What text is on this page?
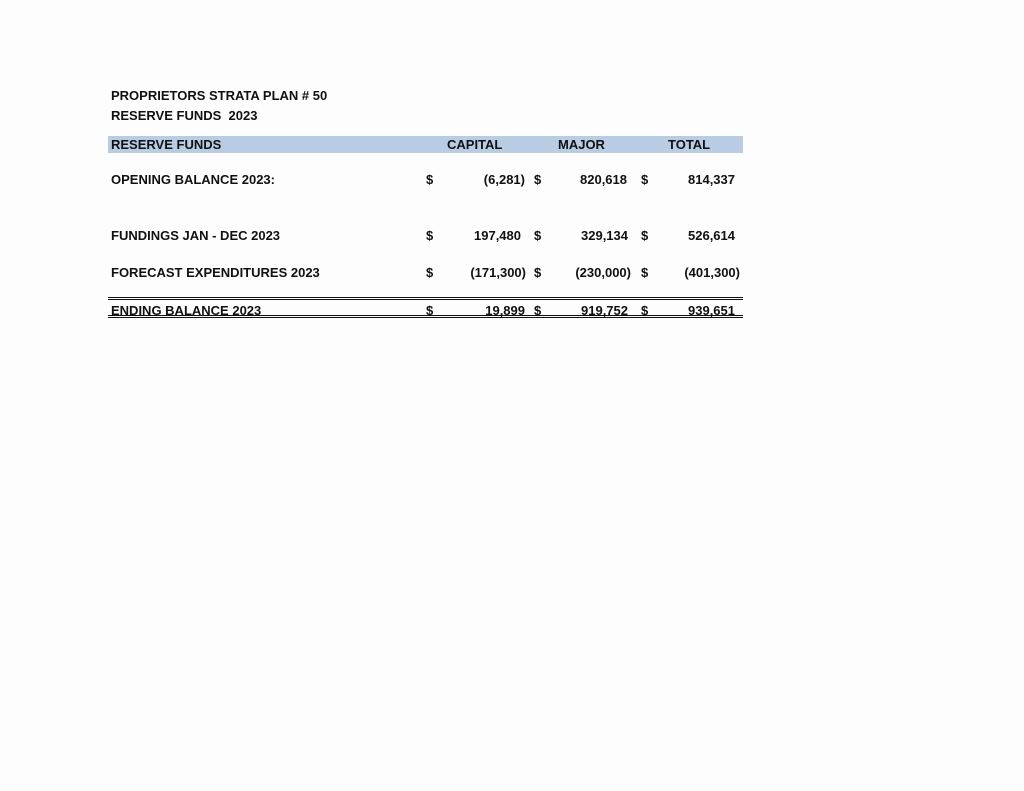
PROPRIETORS STRATA PLAN # 50
RESERVE FUNDS  2023
RESERVE FUNDS	CAPITAL	MAJOR	TOTAL
OPENING BALANCE 2023:	$	(6,281) $	820,618 $	814,337
FUNDINGS JAN - DEC 2023	$	197,480 $	329,134 $	526,614
FORECAST EXPENDITURES 2023	$	(171,300) $	(230,000) $	(401,300)
ENDING BALANCE 2023	$	19,899 $	919,752 $	939,651
